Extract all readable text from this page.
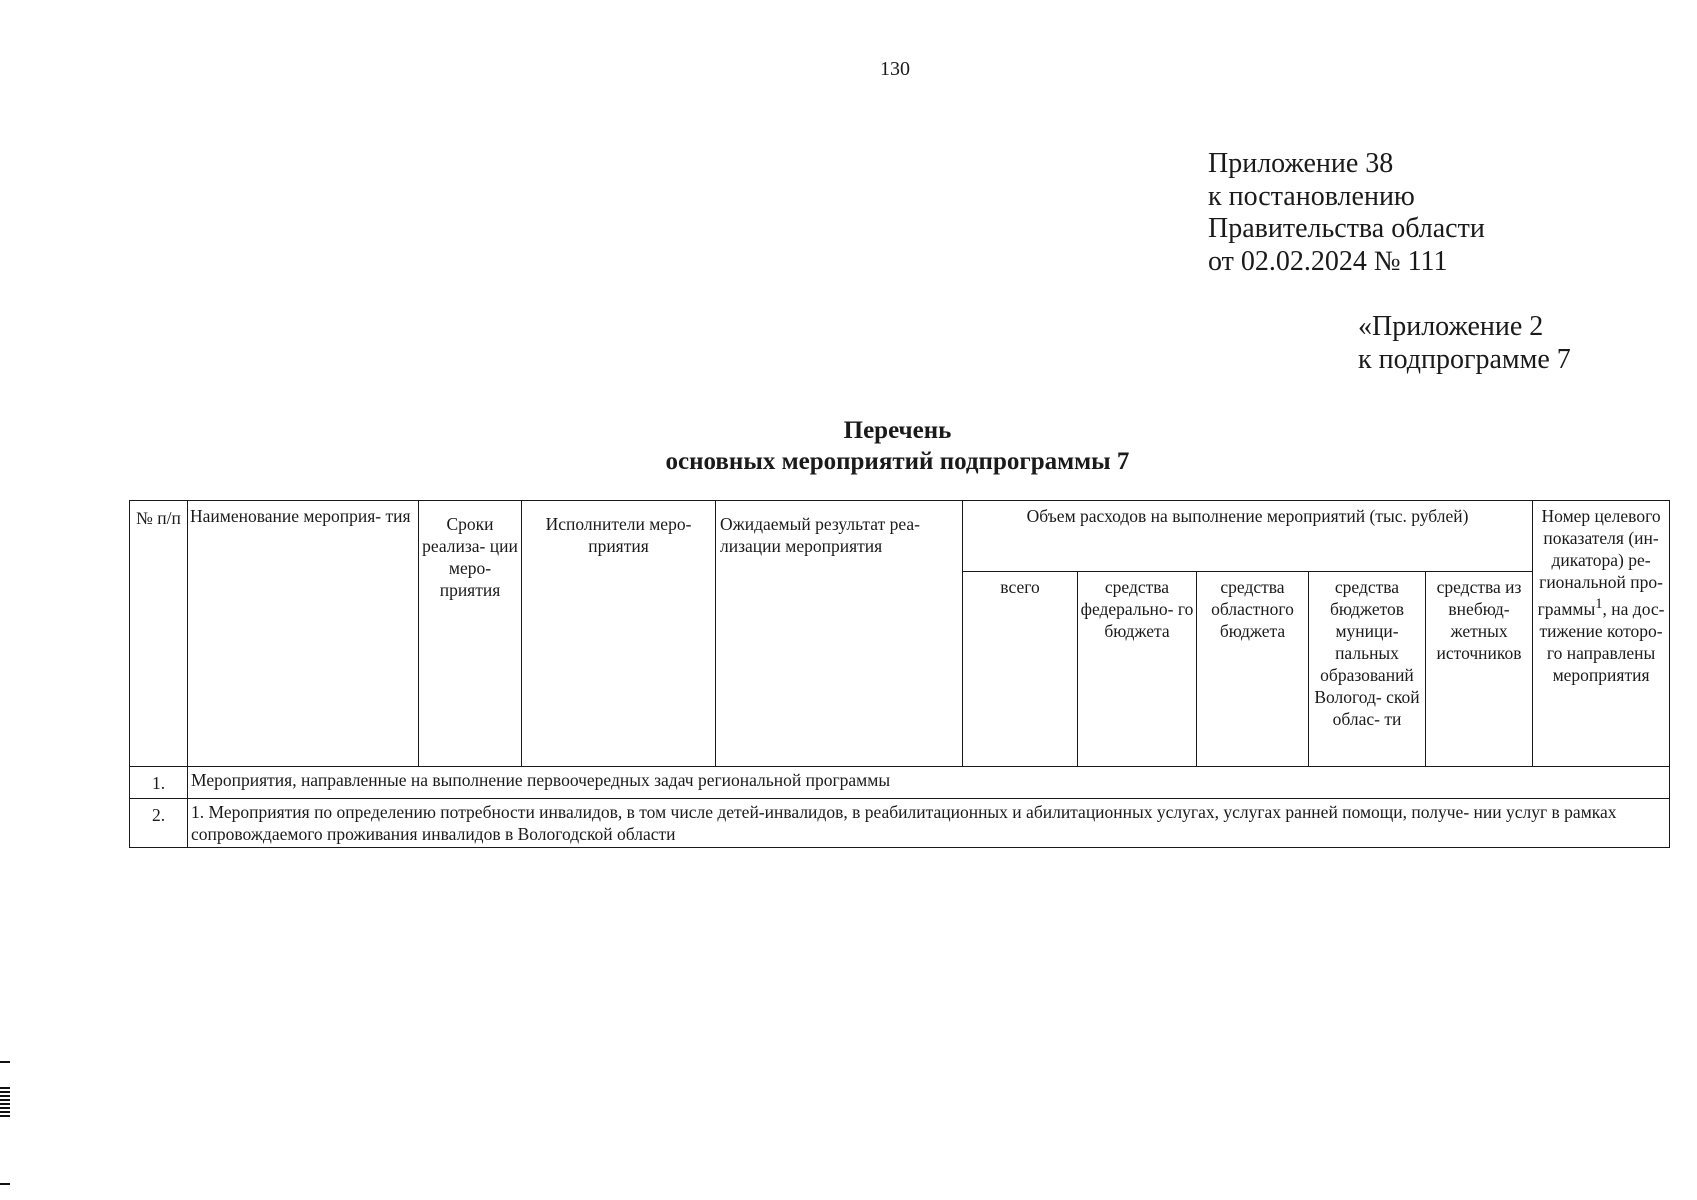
130
Приложение 38
к постановлению
Правительства области
от 02.02.2024 № 111
«Приложение 2
к подпрограмме 7
Перечень
основных мероприятий подпрограммы 7
№ п/п	Наименование мероприя- тия	Сроки реализа- ции меро- приятия	Исполнители меро- приятия	Ожидаемый результат реа- лизации мероприятия	Объем расходов на выполнение мероприятий (тыс. рублей)					Номер целевого показателя (ин- дикатора) ре- гиональной про- граммы$^1$, на дос- тижение которо- го направлены мероприятия
					всего	средства федерально- го бюджета	средства областного бюджета	средства бюджетов муници- пальных образований Вологод- ской облас- ти	средства из внебюд- жетных источников	
1.	Мероприятия, направленные на выполнение первоочередных задач региональной программы									
2.	1. Мероприятия по определению потребности инвалидов, в том числе детей-инвалидов, в реабилитационных и абилитационных услугах, услугах ранней помощи, получе- нии услуг в рамках сопровождаемого проживания инвалидов в Вологодской области									
